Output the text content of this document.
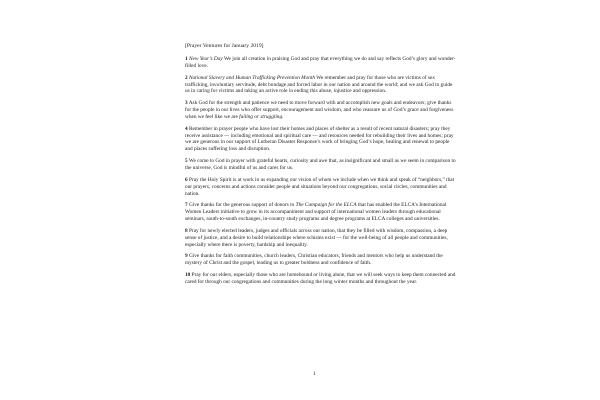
[Prayer Ventures for January 2019]

1 New Year’s Day We join all creation in praising God and pray that everything we do and say reflects God’s glory and wonder-filled love.

2 National Slavery and Human Trafficking Prevention Month We remember and pray for those who are victims of sex trafficking, involuntary servitude, debt bondage and forced labor in our nation and around the world; and we ask God to guide us in caring for victims and taking an active role in ending this abuse, injustice and oppression.

3 Ask God for the strength and patience we need to move forward with and accomplish new goals and endeavors; give thanks for the people in our lives who offer support, encouragement and wisdom, and who reassure us of God’s grace and forgiveness when we feel like we are failing or struggling.

4 Remember in prayer people who have lost their homes and places of shelter as a result of recent natural disasters; pray they receive assistance — including emotional and spiritual care — and resources needed for rebuilding their lives and homes; pray we are generous in our support of Lutheran Disaster Response’s work of bringing God’s hope, healing and renewal to people and places suffering loss and disruption.

5 We come to God in prayer with grateful hearts, curiosity and awe that, as insignificant and small as we seem in comparison to the universe, God is mindful of us and cares for us.

6 Pray the Holy Spirit is at work in us expanding our vision of whom we include when we think and speak of “neighbors,” that our prayers, concerns and actions consider people and situations beyond our congregations, social circles, communities and nation.

7 Give thanks for the generous support of donors to The Campaign for the ELCA that has enabled the ELCA’s International Women Leaders initiative to grow in its accompaniment and support of international women leaders through educational seminars, south-to-south exchanges, in-country study programs and degree programs at ELCA colleges and universities.

8 Pray for newly elected leaders, judges and officials across our nation, that they be filled with wisdom, compassion, a deep sense of justice, and a desire to build relationships where schisms exist — for the well-being of all people and communities, especially where there is poverty, hardship and inequality.

9 Give thanks for faith communities, church leaders, Christian educators, friends and mentors who help us understand the mystery of Christ and the gospel, leading us to greater boldness and confidence of faith.

10 Pray for our elders, especially those who are homebound or living alone, that we will seek ways to keep them connected and cared for through our congregations and communities during the long winter months and throughout the year.

1
